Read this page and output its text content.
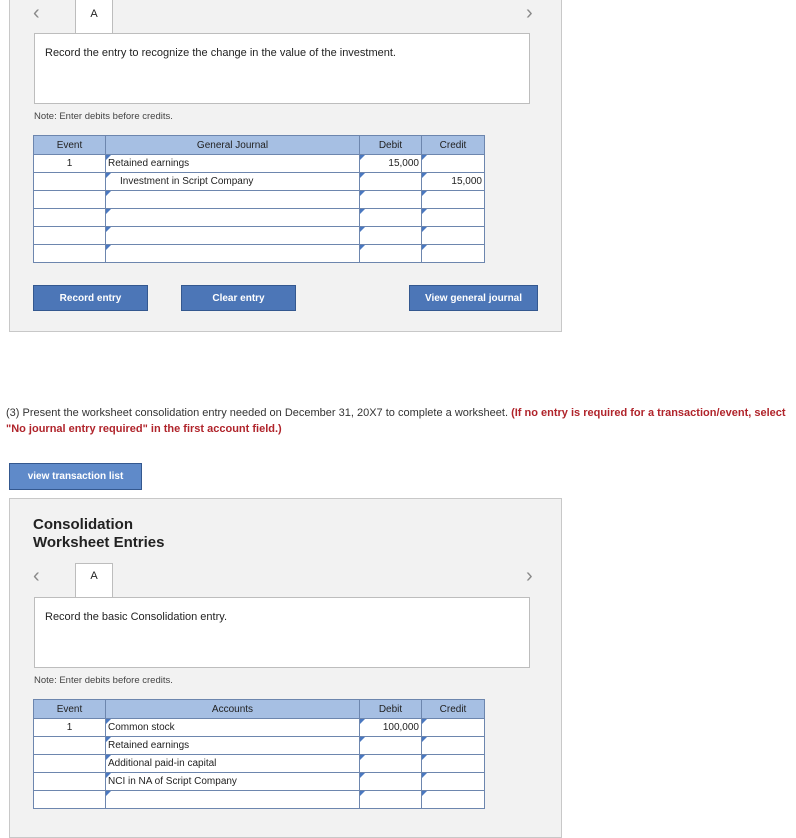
‹	A	›
Record the entry to recognize the change in the value of the investment.
Note: Enter debits before credits.
Event	General Journal	Debit	Credit
1	Retained earnings	15,000	
	Investment in Script Company		15,000

Record entry	Clear entry	View general journal
(3) Present the worksheet consolidation entry needed on December 31, 20X7 to complete a worksheet. (If no entry is required for a transaction/event, select "No journal entry required" in the first account field.)
view transaction list
Consolidation
Worksheet Entries
‹	A	›
Record the basic Consolidation entry.
Note: Enter debits before credits.
Event	Accounts	Debit	Credit
1	Common stock	100,000	
	Retained earnings		
	Additional paid-in capital		
	NCI in NA of Script Company		
